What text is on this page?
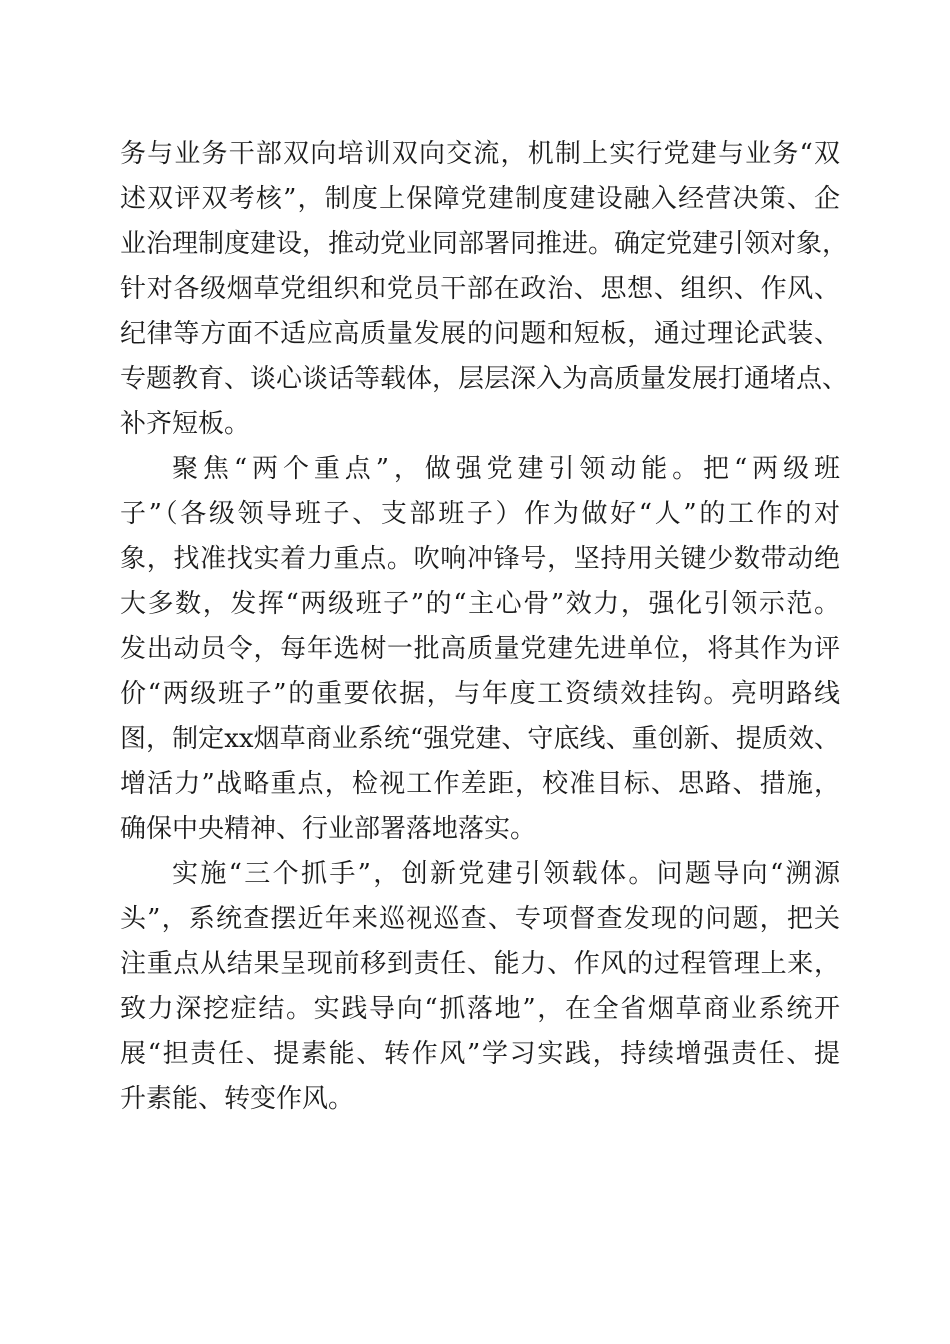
务与业务干部双向培训双向交流，机制上实行党建与业务“双
述双评双考核”，制度上保障党建制度建设融入经营决策、企
业治理制度建设，推动党业同部署同推进。确定党建引领对象，
针对各级烟草党组织和党员干部在政治、思想、组织、作风、
纪律等方面不适应高质量发展的问题和短板，通过理论武装、
专题教育、谈心谈话等载体，层层深入为高质量发展打通堵点、
补齐短板。
聚焦“两个重点”，做强党建引领动能。把“两级班
子”（各级领导班子、支部班子）作为做好“人”的工作的对
象，找准找实着力重点。吹响冲锋号，坚持用关键少数带动绝
大多数，发挥“两级班子”的“主心骨”效力，强化引领示范。
发出动员令，每年选树一批高质量党建先进单位，将其作为评
价“两级班子”的重要依据，与年度工资绩效挂钩。亮明路线
图，制定xx烟草商业系统“强党建、守底线、重创新、提质效、
增活力”战略重点，检视工作差距，校准目标、思路、措施，
确保中央精神、行业部署落地落实。
实施“三个抓手”，创新党建引领载体。问题导向“溯源
头”，系统查摆近年来巡视巡查、专项督查发现的问题，把关
注重点从结果呈现前移到责任、能力、作风的过程管理上来，
致力深挖症结。实践导向“抓落地”，在全省烟草商业系统开
展“担责任、提素能、转作风”学习实践，持续增强责任、提
升素能、转变作风。
